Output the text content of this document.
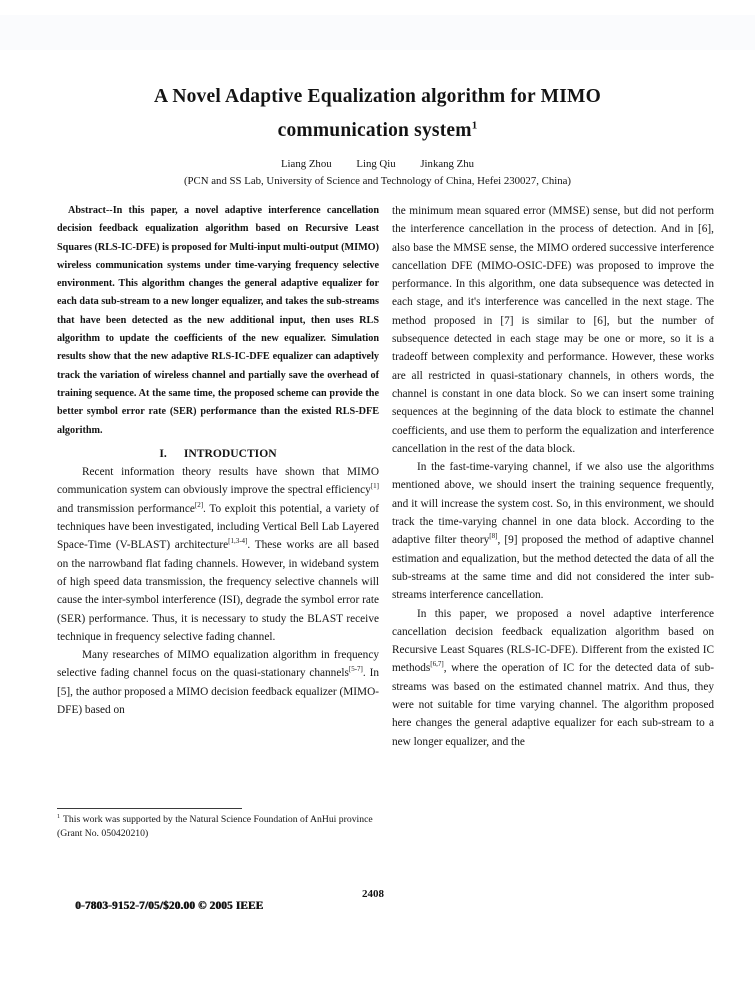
A Novel Adaptive Equalization algorithm for MIMO
communication system$^1$
Liang Zhou Ling Qiu Jinkang Zhu
(PCN and SS Lab, University of Science and Technology of China, Hefei 230027, China)

Abstract--In this paper, a novel adaptive interference cancellation decision feedback equalization algorithm based on Recursive Least Squares (RLS-IC-DFE) is proposed for Multi-input multi-output (MIMO) wireless communication systems under time-varying frequency selective environment. This algorithm changes the general adaptive equalizer for each data sub-stream to a new longer equalizer, and takes the sub-streams that have been detected as the new additional input, then uses RLS algorithm to update the coefficients of the new equalizer. Simulation results show that the new adaptive RLS-IC-DFE equalizer can adaptively track the variation of wireless channel and partially save the overhead of training sequence. At the same time, the proposed scheme can provide the better symbol error rate (SER) performance than the existed RLS-DFE algorithm.

I. INTRODUCTION

Recent information theory results have shown that MIMO communication system can obviously improve the spectral efficiency[1] and transmission performance[2]. To exploit this potential, a variety of techniques have been investigated, including Vertical Bell Lab Layered Space-Time (V-BLAST) architecture[1,3-4]. These works are all based on the narrowband flat fading channels. However, in wideband system of high speed data transmission, the frequency selective channels will cause the inter-symbol interference (ISI), degrade the symbol error rate (SER) performance. Thus, it is necessary to study the BLAST receive technique in frequency selective fading channel.

Many researches of MIMO equalization algorithm in frequency selective fading channel focus on the quasi-stationary channels[5-7]. In [5], the author proposed a MIMO decision feedback equalizer (MIMO-DFE) based on

the minimum mean squared error (MMSE) sense, but did not perform the interference cancellation in the process of detection. And in [6], also base the MMSE sense, the MIMO ordered successive interference cancellation DFE (MIMO-OSIC-DFE) was proposed to improve the performance. In this algorithm, one data subsequence was detected in each stage, and it's interference was cancelled in the next stage. The method proposed in [7] is similar to [6], but the number of subsequence detected in each stage may be one or more, so it is a tradeoff between complexity and performance. However, these works are all restricted in quasi-stationary channels, in others words, the channel is constant in one data block. So we can insert some training sequences at the beginning of the data block to estimate the channel coefficients, and use them to perform the equalization and interference cancellation in the rest of the data block.

In the fast-time-varying channel, if we also use the algorithms mentioned above, we should insert the training sequence frequently, and it will increase the system cost. So, in this environment, we should track the time-varying channel in one data block. According to the adaptive filter theory[8], [9] proposed the method of adaptive channel estimation and equalization, but the method detected the data of all the sub-streams at the same time and did not considered the inter sub-streams interference cancellation.

In this paper, we proposed a novel adaptive interference cancellation decision feedback equalization algorithm based on Recursive Least Squares (RLS-IC-DFE). Different from the existed IC methods[6,7], where the operation of IC for the detected data of sub-streams was based on the estimated channel matrix. And thus, they were not suitable for time varying channel. The algorithm proposed here changes the general adaptive equalizer for each sub-stream to a new longer equalizer, and the

$^1$ This work was supported by the Natural Science Foundation of AnHui province (Grant No. 050420210)
2408
0-7803-9152-7/05/$20.00 © 2005 IEEE
